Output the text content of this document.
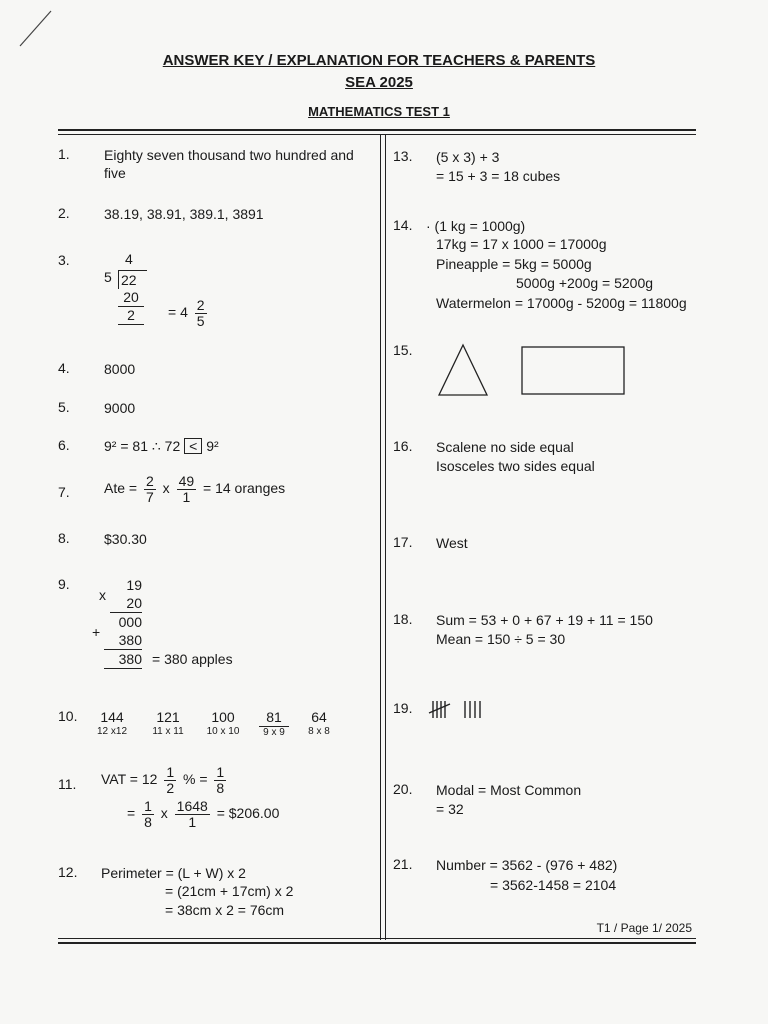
ANSWER KEY / EXPLANATION FOR TEACHERS & PARENTS
SEA 2025
MATHEMATICS TEST 1
1. Eighty seven thousand two hundred and
five
2. 38.19, 38.91, 389.1, 3891
3.	4
5 22
20
2	= $4 \frac{2}{5}$
4. 8000
5. 9000
6. 9² = 81 ∴ 72 < 9²
7. Ate = $\frac{2}{7}$ x $\frac{49}{1} = 14$ oranges
8. $30.30
9.	19
x	20
000
+	380
380 = 380 apples
10.	144
12 x12
121
11 x 11
100
10 x 10
81
9 x 9
64
8 x 8
11. VAT = $12 \frac{1}{2}$ % = $\frac{1}{8}$
= $\frac{1}{8}$ x $\frac{1648}{1}$ = $206.00
12. Perimeter = (L + W) x 2
= (21cm + 17cm) x 2
= 38cm x 2 = 76cm
13. (5 x 3) + 3
= 15 + 3 = 18 cubes
14. · (1 kg = 1000g)
17kg = 17 x 1000 = 17000g
Pineapple = 5kg = 5000g
5000g +200g = 5200g
Watermelon = 17000g - 5200g = 11800g
15.
16. Scalene no side equal
Isosceles two sides equal
17. West
18. Sum = 53 + 0 + 67 + 19 + 11 = 150
Mean = 150 ÷ 5 = 30
19.
20. Modal = Most Common
= 32
21. Number = 3562 - (976 + 482)
= 3562-1458 = 2104
T1 / Page 1/ 2025
